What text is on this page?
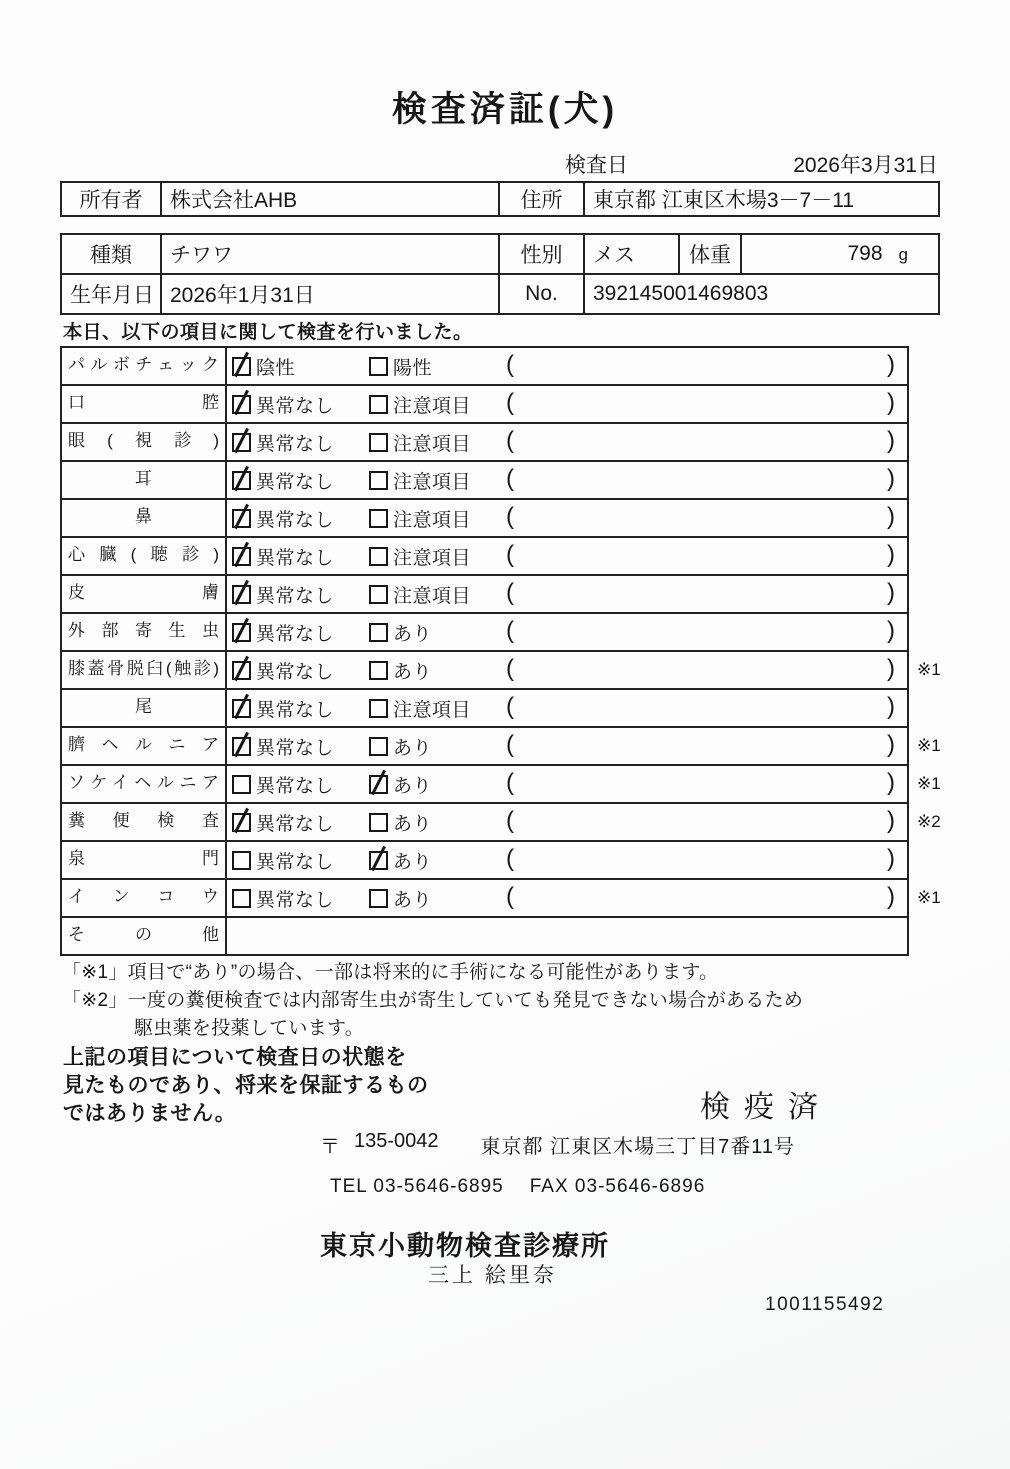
検査済証(犬)
検査日	2026年3月31日
所有者	株式会社AHB	住所	東京都 江東区木場3－7－11
種類	チワワ	性別	メス	体重	798 g

生年月日	2026年1月31日	No.	392145001469803		
本日、以下の項目に関して検査を行いました。
パルボチェック	陰性	陽性	(	)
口腔	異常なし	注意項目 (	)
眼(視診)	異常なし	注意項目 (	)
耳	異常なし	注意項目 (	)
鼻	異常なし	注意項目 (	)
心臓(聴診)	異常なし	注意項目 (	)
皮膚	異常なし	注意項目 (	)
外部寄生虫	異常なし	あり	(	)
膝蓋骨脱臼(触診)	異常なし	あり	(	)	※1
尾	異常なし	注意項目 (	)
臍ヘルニア	異常なし	あり	(	)	※1
ソケイヘルニア	異常なし	あり	(	)	※1
糞便検査	異常なし	あり	(	)	※2
泉門	異常なし	あり	(	)
インコウ	異常なし	あり	(	)	※1
その他
「※1」項目で“あり”の場合、一部は将来的に手術になる可能性があります。
「※2」一度の糞便検査では内部寄生虫が寄生していても発見できない場合があるため
駆虫薬を投薬しています。
上記の項目について検査日の状態を
見たものであり、将来を保証するもの
ではありません。	検疫済
〒 135-0042 東京都 江東区木場三丁目7番11号
TEL 03-5646-6895 FAX 03-5646-6896
東京小動物検査診療所
三上 絵里奈
1001155492
